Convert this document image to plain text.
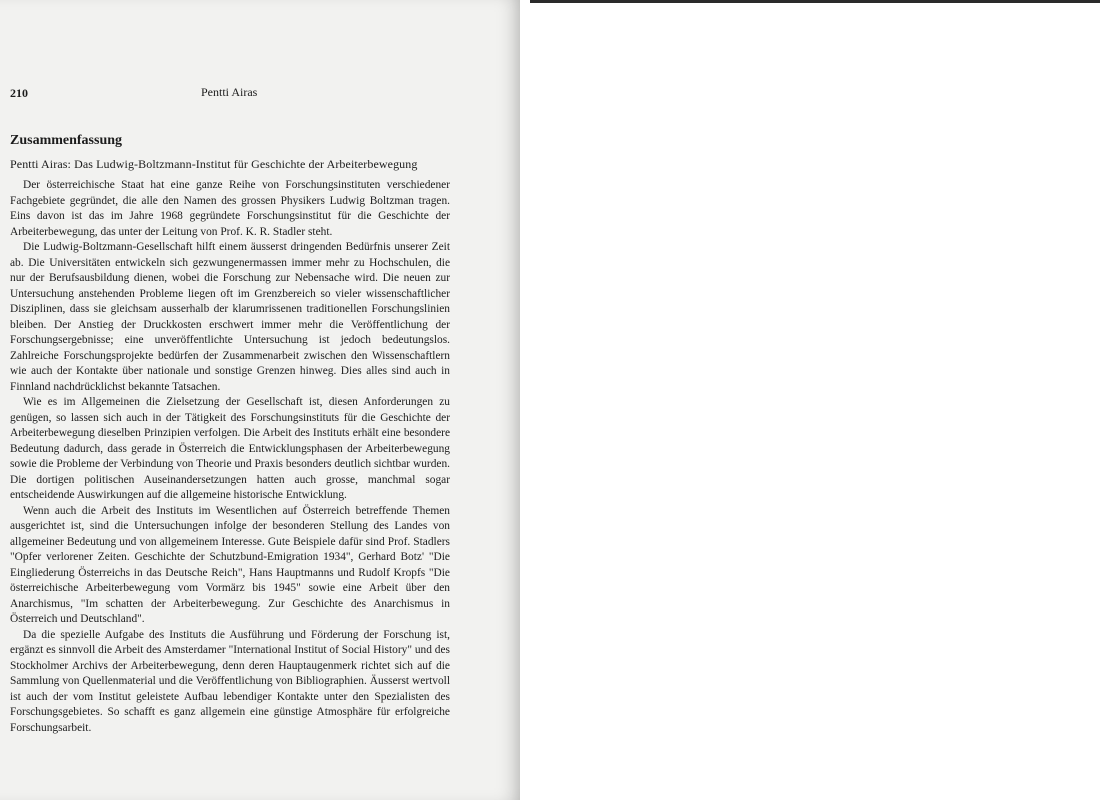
210	Pentti Airas
Zusammenfassung
Pentti Airas: Das Ludwig-Boltzmann-Institut für Geschichte der Arbeiterbewegung

Der österreichische Staat hat eine ganze Reihe von Forschungsinstituten verschiedener Fachgebiete gegründet, die alle den Namen des grossen Physikers Ludwig Boltzman tragen. Eins davon ist das im Jahre 1968 gegründete Forschungsinstitut für die Geschichte der Arbeiterbewegung, das unter der Leitung von Prof. K. R. Stadler steht.

Die Ludwig-Boltzmann-Gesellschaft hilft einem äusserst dringenden Bedürfnis unserer Zeit ab. Die Universitäten entwickeln sich gezwungenermassen immer mehr zu Hochschulen, die nur der Berufsausbildung dienen, wobei die Forschung zur Nebensache wird. Die neuen zur Untersuchung anstehenden Probleme liegen oft im Grenzbereich so vieler wissenschaftlicher Disziplinen, dass sie gleichsam ausserhalb der klarumrissenen traditionellen Forschungslinien bleiben. Der Anstieg der Druckkosten erschwert immer mehr die Veröffentlichung der Forschungsergebnisse; eine unveröffentlichte Untersuchung ist jedoch bedeutungslos. Zahlreiche Forschungsprojekte bedürfen der Zusammenarbeit zwischen den Wissenschaftlern wie auch der Kontakte über nationale und sonstige Grenzen hinweg. Dies alles sind auch in Finnland nachdrücklichst bekannte Tatsachen.

Wie es im Allgemeinen die Zielsetzung der Gesellschaft ist, diesen Anforderungen zu genügen, so lassen sich auch in der Tätigkeit des Forschungsinstituts für die Geschichte der Arbeiterbewegung dieselben Prinzipien verfolgen. Die Arbeit des Instituts erhält eine besondere Bedeutung dadurch, dass gerade in Österreich die Entwicklungsphasen der Arbeiterbewegung sowie die Probleme der Verbindung von Theorie und Praxis besonders deutlich sichtbar wurden. Die dortigen politischen Auseinandersetzungen hatten auch grosse, manchmal sogar entscheidende Auswirkungen auf die allgemeine historische Entwicklung.

Wenn auch die Arbeit des Instituts im Wesentlichen auf Österreich betreffende Themen ausgerichtet ist, sind die Untersuchungen infolge der besonderen Stellung des Landes von allgemeiner Bedeutung und von allgemeinem Interesse. Gute Beispiele dafür sind Prof. Stadlers "Opfer verlorener Zeiten. Geschichte der Schutzbund-Emigration 1934", Gerhard Botz' "Die Eingliederung Österreichs in das Deutsche Reich", Hans Hauptmanns und Rudolf Kropfs "Die österreichische Arbeiterbewegung vom Vormärz bis 1945" sowie eine Arbeit über den Anarchismus, "Im schatten der Arbeiterbewegung. Zur Geschichte des Anarchismus in Österreich und Deutschland".

Da die spezielle Aufgabe des Instituts die Ausführung und Förderung der Forschung ist, ergänzt es sinnvoll die Arbeit des Amsterdamer "International Institut of Social History" und des Stockholmer Archivs der Arbeiterbewegung, denn deren Hauptaugenmerk richtet sich auf die Sammlung von Quellenmaterial und die Veröffentlichung von Bibliographien. Äusserst wertvoll ist auch der vom Institut geleistete Aufbau lebendiger Kontakte unter den Spezialisten des Forschungsgebietes. So schafft es ganz allgemein eine günstige Atmosphäre für erfolgreiche Forschungsarbeit.
